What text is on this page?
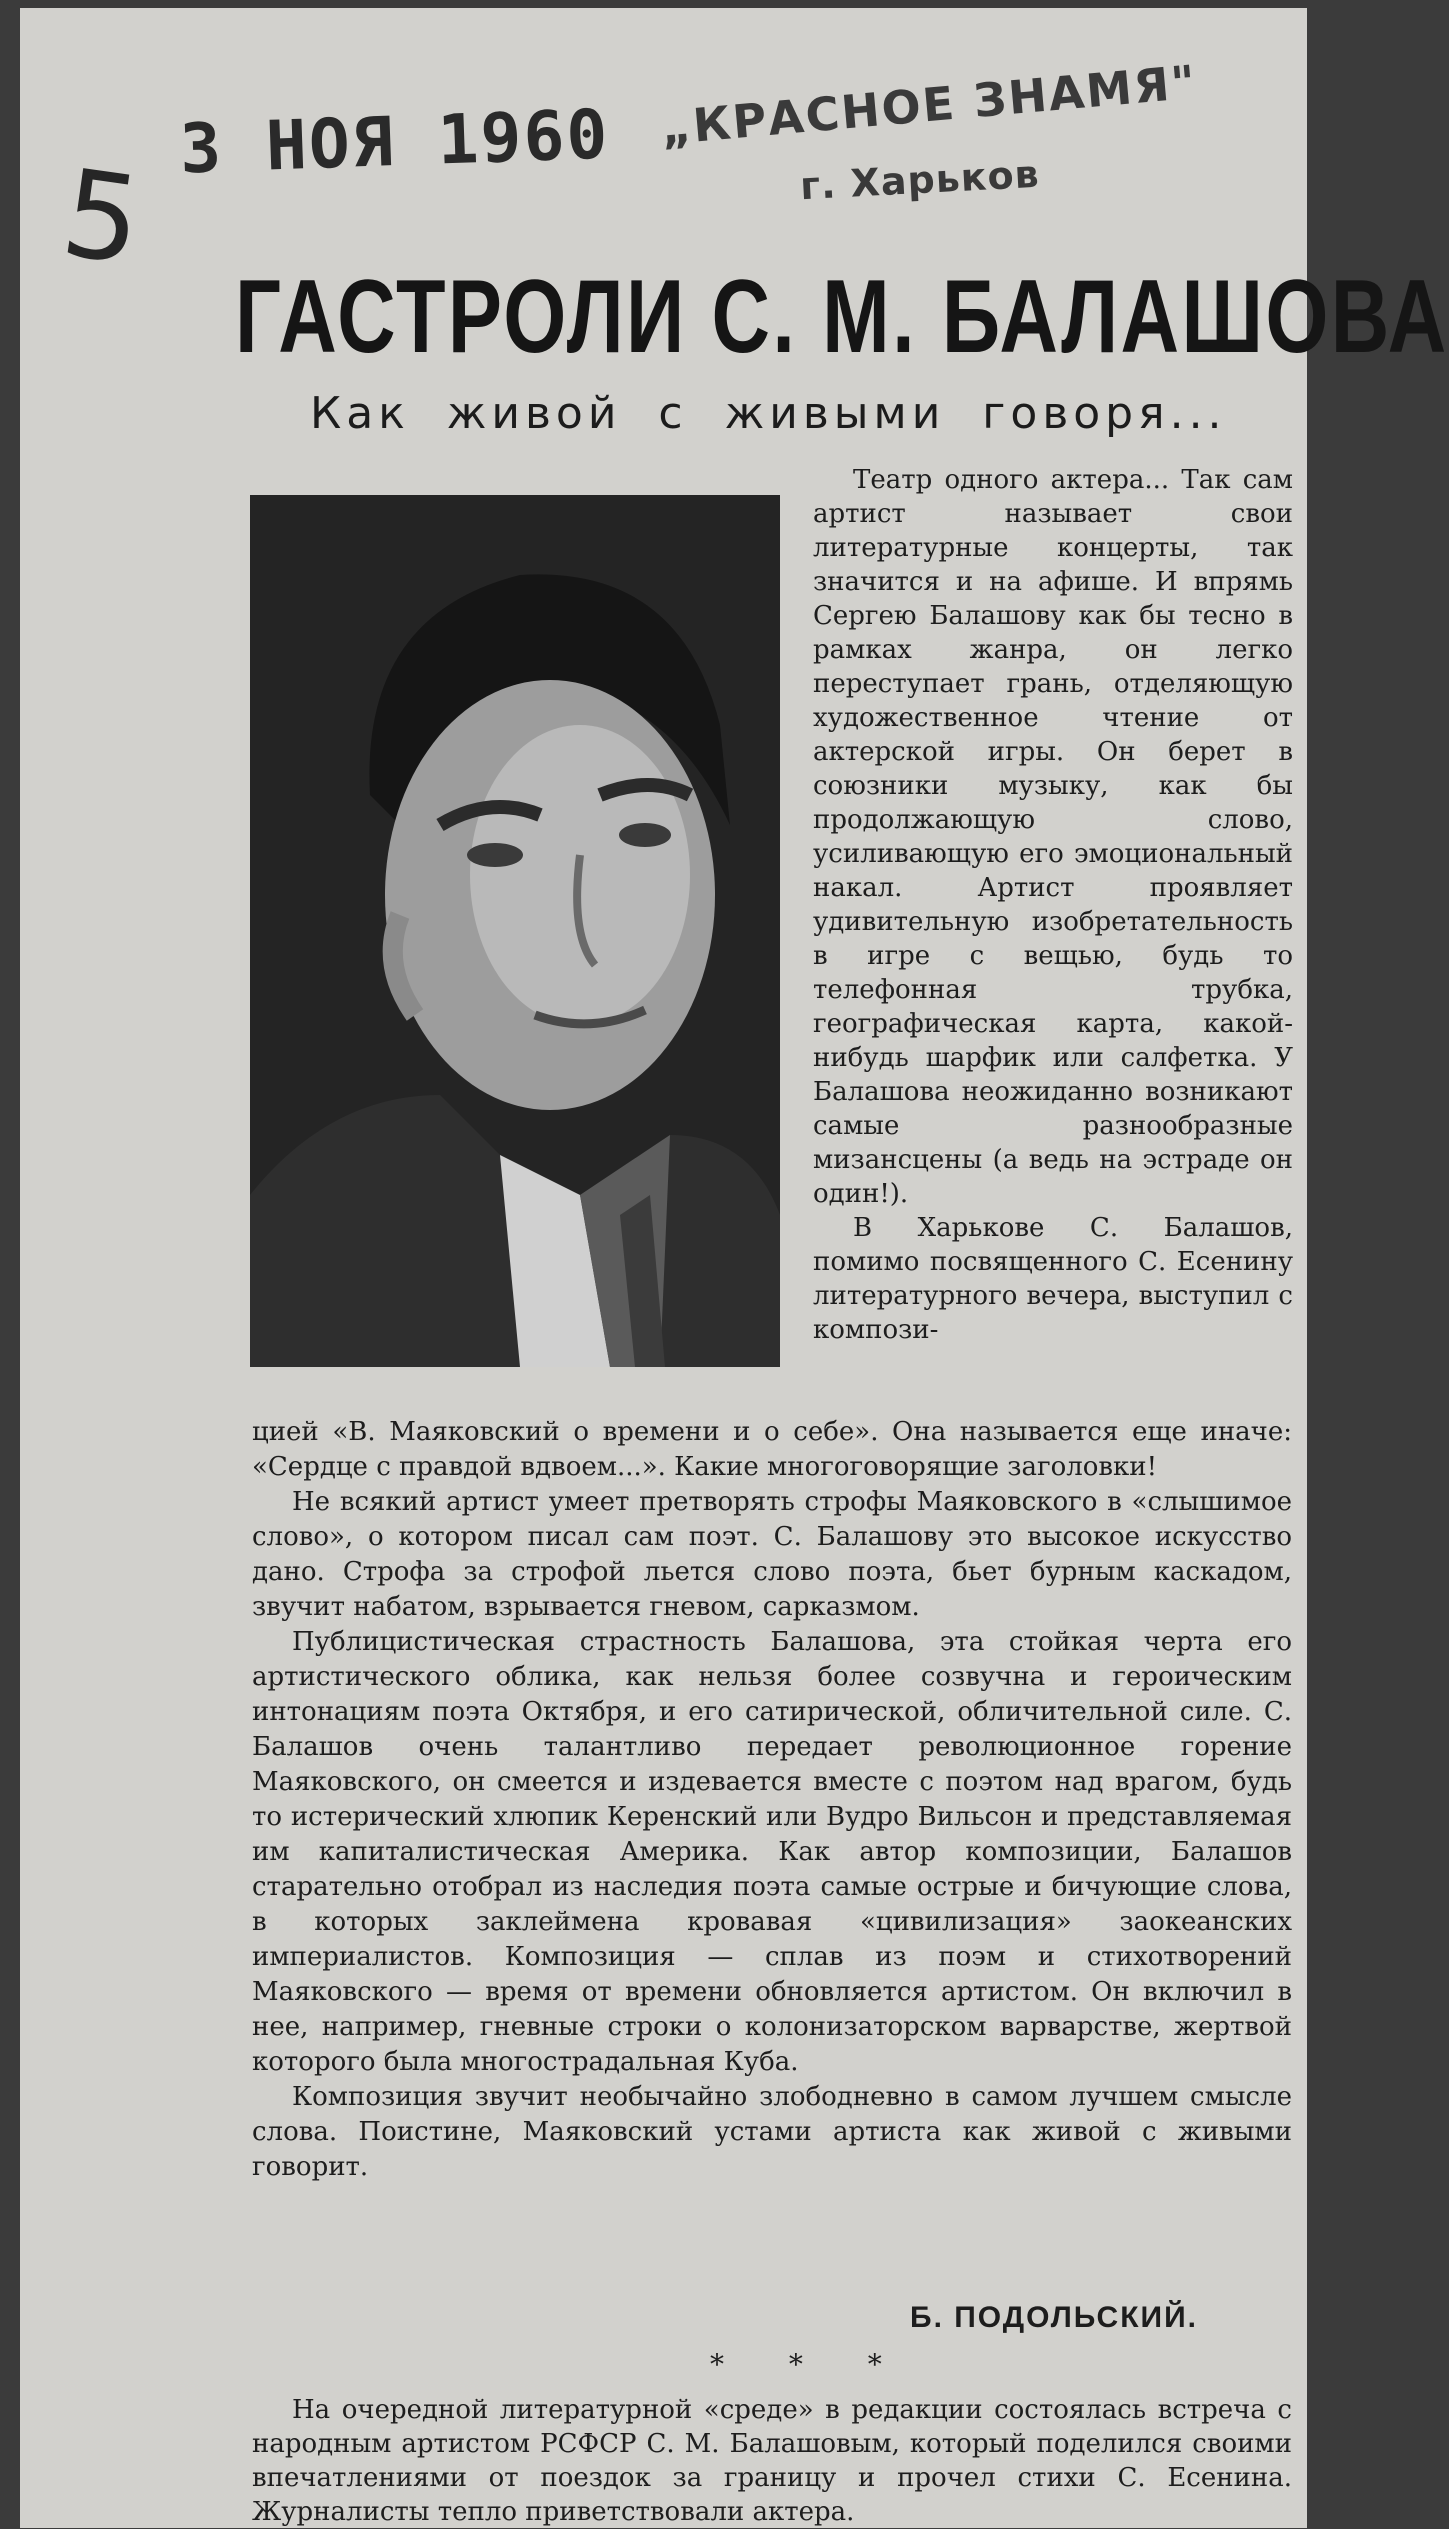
5
3 НОЯ 1960 „КРАСНОЕ ЗНАМЯ"
г. Харьков
ГАСТРОЛИ С. М. БАЛАШОВА
Как живой с живыми говоря...

Театр одного актера... Так сам артист называет свои литературные концерты, так значится и на афише. И впрямь Сергею Балашову как бы тесно в рамках жанра, он легко переступает грань, отделяющую художественное чтение от актерской игры. Он берет в союзники музыку, как бы продолжающую слово, усиливающую его эмоциональный накал. Артист проявляет удивительную изобретательность в игре с вещью, будь то телефонная трубка, географическая карта, какой-нибудь шарфик или салфетка. У Балашова неожиданно возникают самые разнообразные мизансцены (а ведь на эстраде он один!).

В Харькове С. Балашов, помимо посвященного С. Есенину литературного вечера, выступил с компози-

цией «В. Маяковский о времени и о себе». Она называется еще иначе: «Сердце с правдой вдвоем...». Какие многоговорящие заголовки!

Не всякий артист умеет претворять строфы Маяковского в «слышимое слово», о котором писал сам поэт. С. Балашову это высокое искусство дано. Строфа за строфой льется слово поэта, бьет бурным каскадом, звучит набатом, взрывается гневом, сарказмом.

Публицистическая страстность Балашова, эта стойкая черта его артистического облика, как нельзя более созвучна и героическим интонациям поэта Октября, и его сатирической, обличительной силе. С. Балашов очень талантливо передает революционное горение Маяковского, он смеется и издевается вместе с поэтом над врагом, будь то истерический хлюпик Керенский или Вудро Вильсон и представляемая им капиталистическая Америка. Как автор композиции, Балашов старательно отобрал из наследия поэта самые острые и бичующие слова, в которых заклеймена кровавая «цивилизация» заокеанских империалистов. Композиция — сплав из поэм и стихотворений Маяковского — время от времени обновляется артистом. Он включил в нее, например, гневные строки о колонизаторском варварстве, жертвой которого была многострадальная Куба.

Композиция звучит необычайно злободневно в самом лучшем смысле слова. Поистине, Маяковский устами артиста как живой с живыми говорит.

Б. ПОДОЛЬСКИЙ.
* * *

На очередной литературной «среде» в редакции состоялась встреча с народным артистом РСФСР С. М. Балашовым, который поделился своими впечатлениями от поездок за границу и прочел стихи С. Есенина. Журналисты тепло приветствовали актера.
